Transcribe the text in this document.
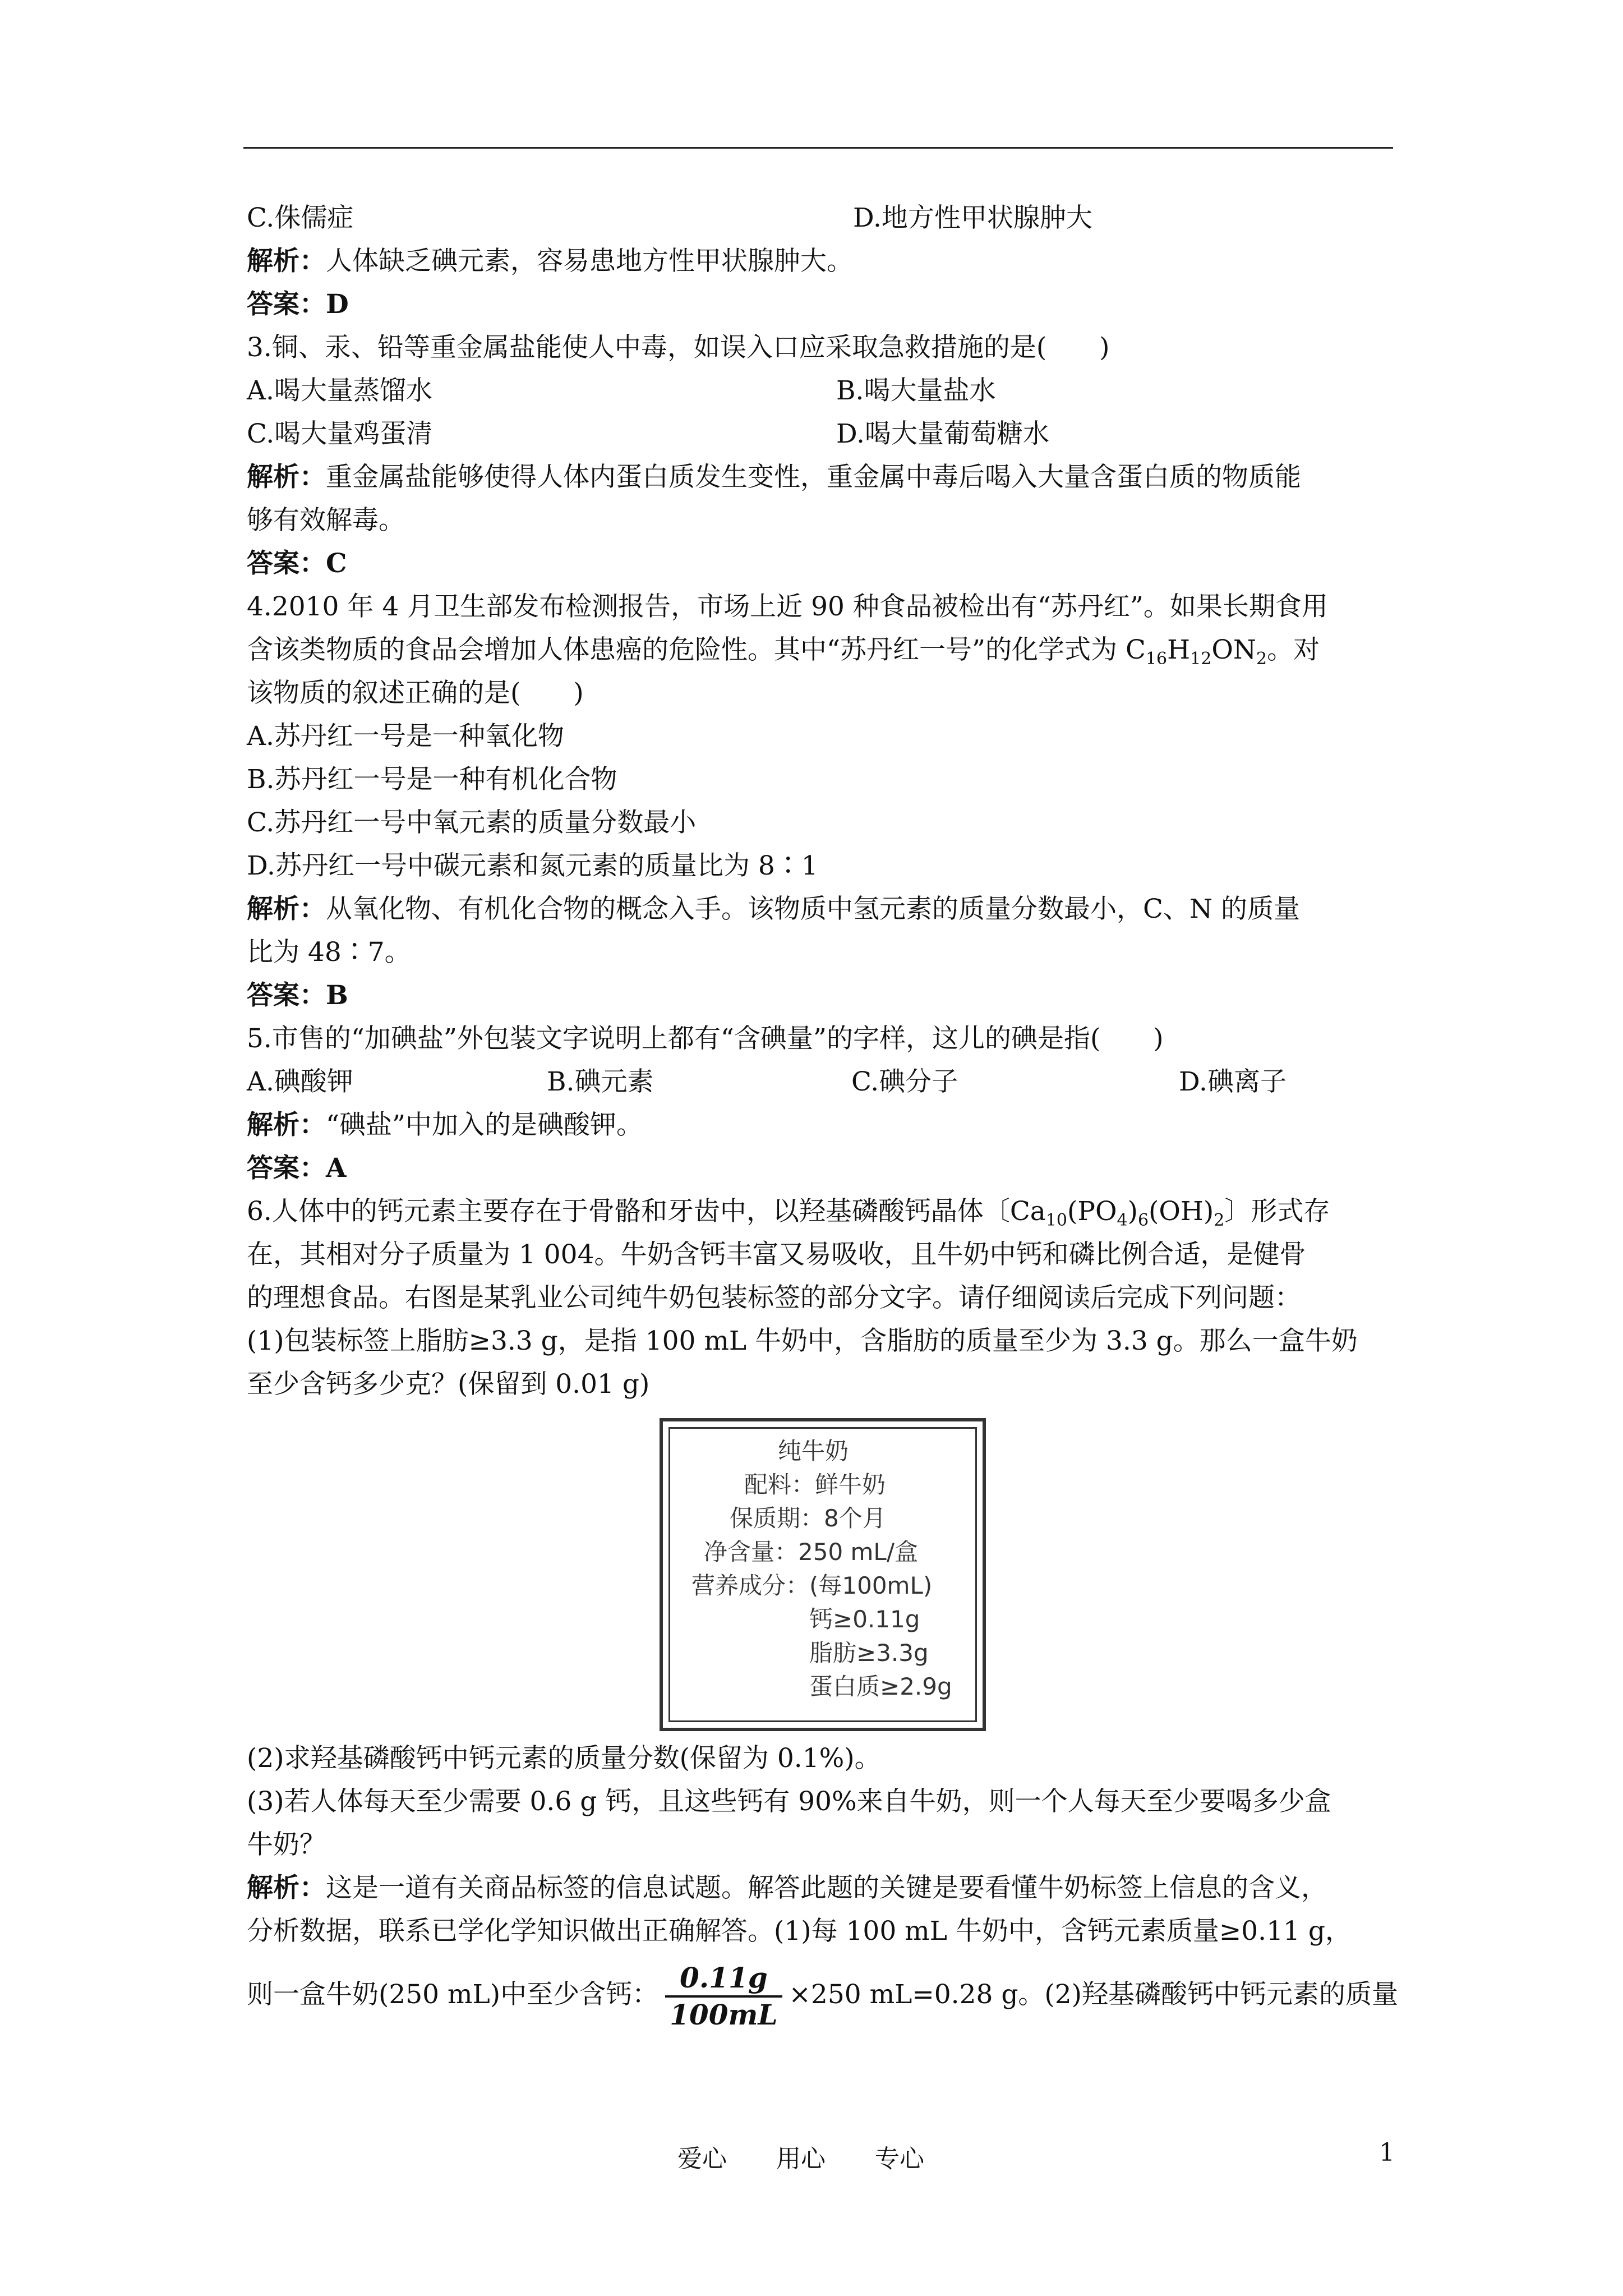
C.侏儒症	D.地方性甲状腺肿大
解析：人体缺乏碘元素，容易患地方性甲状腺肿大。
答案：D
3.铜、汞、铅等重金属盐能使人中毒，如误入口应采取急救措施的是(　　)
A.喝大量蒸馏水	B.喝大量盐水
C.喝大量鸡蛋清	D.喝大量葡萄糖水
解析：重金属盐能够使得人体内蛋白质发生变性，重金属中毒后喝入大量含蛋白质的物质能
够有效解毒。
答案：C
4.2010 年 4 月卫生部发布检测报告，市场上近 90 种食品被检出有“苏丹红”。如果长期食用
含该类物质的食品会增加人体患癌的危险性。其中“苏丹红一号”的化学式为 $C_{16}H_{12}ON_2$。对
该物质的叙述正确的是(　　)
A.苏丹红一号是一种氧化物
B.苏丹红一号是一种有机化合物
C.苏丹红一号中氧元素的质量分数最小
D.苏丹红一号中碳元素和氮元素的质量比为 8∶1
解析：从氧化物、有机化合物的概念入手。该物质中氢元素的质量分数最小，C、N 的质量
比为 48∶7。
答案：B
5.市售的“加碘盐”外包装文字说明上都有“含碘量”的字样，这儿的碘是指(　　)
A.碘酸钾	B.碘元素	C.碘分子	D.碘离子
解析：“碘盐”中加入的是碘酸钾。
答案：A
6.人体中的钙元素主要存在于骨骼和牙齿中，以羟基磷酸钙晶体〔$Ca_{10}(PO_4)_6(OH)_2$〕形式存
在，其相对分子质量为 1 004。牛奶含钙丰富又易吸收，且牛奶中钙和磷比例合适，是健骨
的理想食品。右图是某乳业公司纯牛奶包装标签的部分文字。请仔细阅读后完成下列问题：
(1)包装标签上脂肪≥3.3 g，是指 100 mL 牛奶中，含脂肪的质量至少为 3.3 g。那么一盒牛奶
至少含钙多少克？(保留到 0.01 g)
纯牛奶
配料：鲜牛奶
保质期：8个月
净含量：250 mL/盒
营养成分：(每100mL)
钙≥0.11g
脂肪≥3.3g
蛋白质≥2.9g
(2)求羟基磷酸钙中钙元素的质量分数(保留为 0.1%)。
(3)若人体每天至少需要 0.6 g 钙，且这些钙有 90%来自牛奶，则一个人每天至少要喝多少盒
牛奶？
解析：这是一道有关商品标签的信息试题。解答此题的关键是要看懂牛奶标签上信息的含义，
分析数据，联系已学化学知识做出正确解答。(1)每 100 mL 牛奶中，含钙元素质量≥0.11 g，
则一盒牛奶(250 mL)中至少含钙： $\frac{0.11g}{100mL} \times 250$ mL=0.28 g。(2)羟基磷酸钙中钙元素的质量
爱心　　用心　　专心	1
